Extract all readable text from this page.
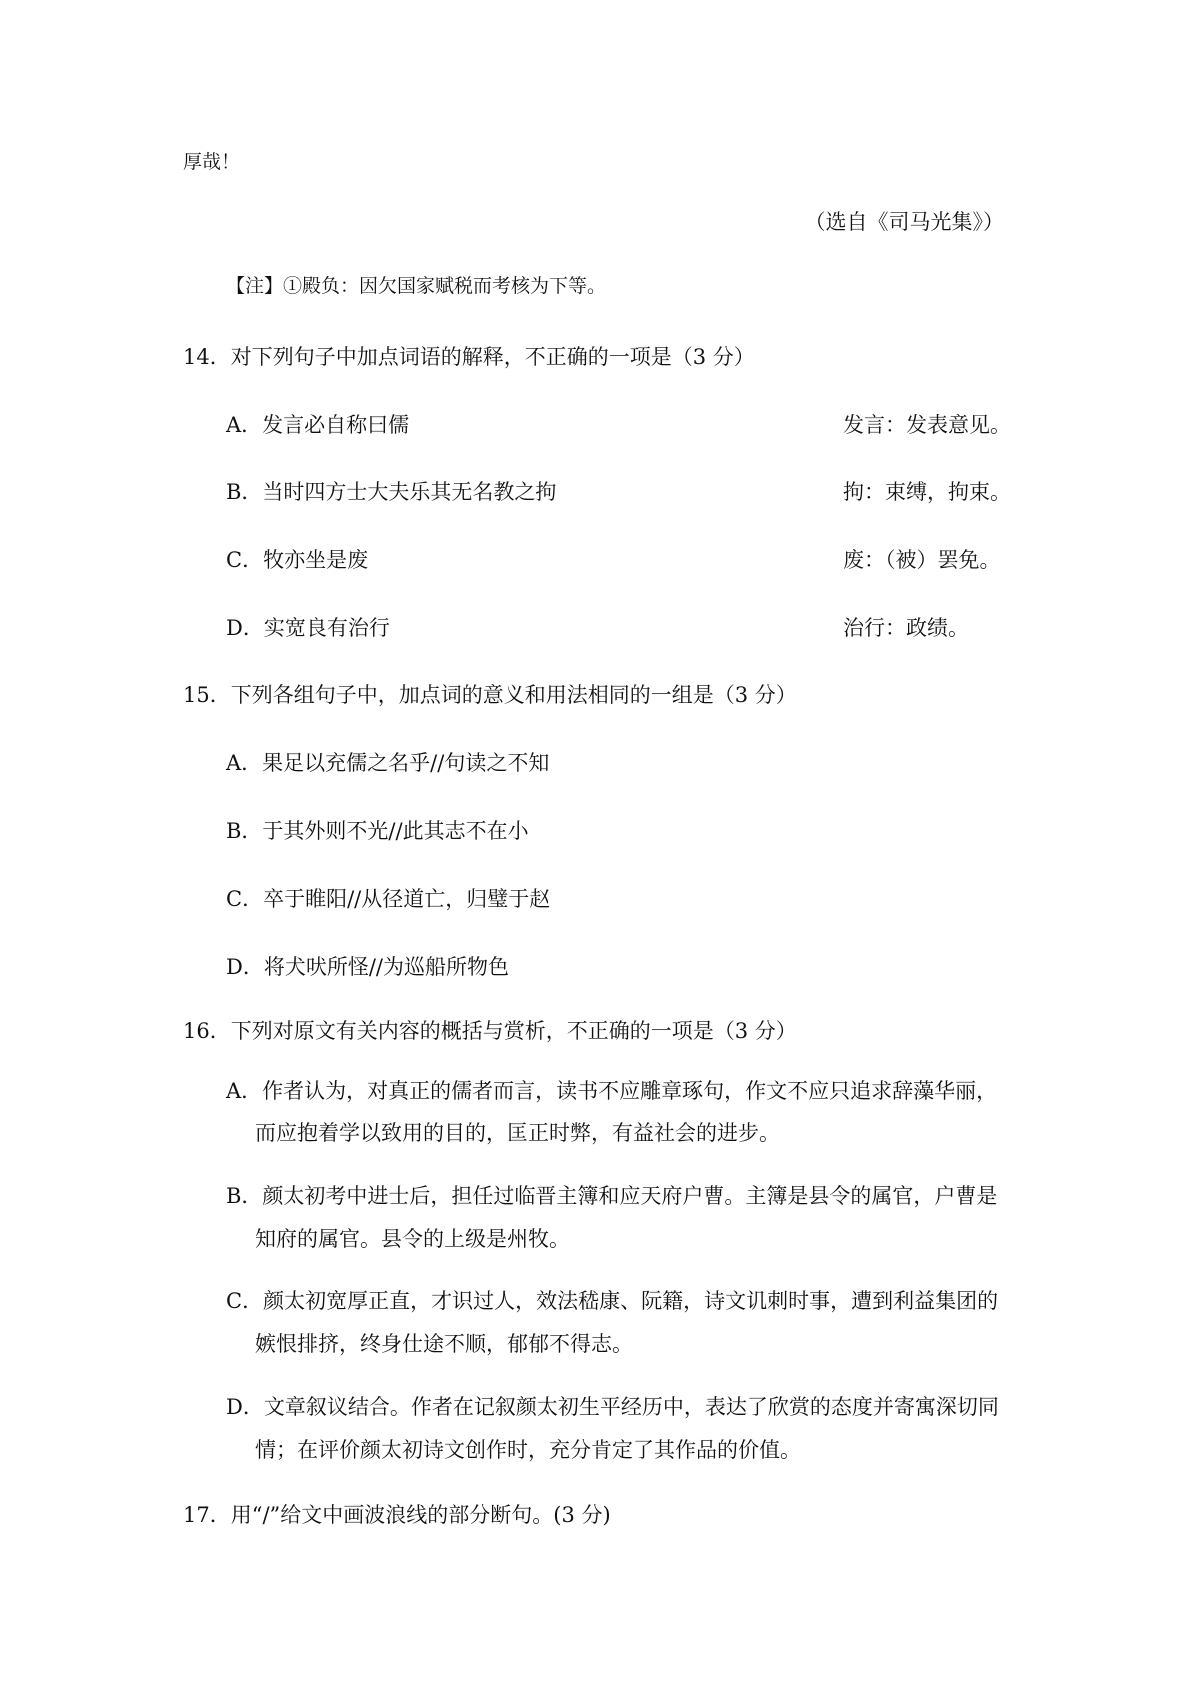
厚哉！
（选自《司马光集》）
【注】①殿负：因欠国家赋税而考核为下等。
14．对下列句子中加点词语的解释，不正确的一项是（3 分）
A．发言必自称曰儒	发言：发表意见。
B．当时四方士大夫乐其无名教之拘	拘：束缚，拘束。
C．牧亦坐是废	废：（被）罢免。
D．实宽良有治行	治行：政绩。
15．下列各组句子中，加点词的意义和用法相同的一组是（3 分）
A．果足以充儒之名乎//句读之不知
B．于其外则不光//此其志不在小
C．卒于睢阳//从径道亡，归璧于赵
D．将犬吠所怪//为巡船所物色
16．下列对原文有关内容的概括与赏析，不正确的一项是（3 分）
A．作者认为，对真正的儒者而言，读书不应雕章琢句，作文不应只追求辞藻华丽，
而应抱着学以致用的目的，匡正时弊，有益社会的进步。
B．颜太初考中进士后，担任过临晋主簿和应天府户曹。主簿是县令的属官，户曹是
知府的属官。县令的上级是州牧。
C．颜太初宽厚正直，才识过人，效法嵇康、阮籍，诗文讥刺时事，遭到利益集团的
嫉恨排挤，终身仕途不顺，郁郁不得志。
D．文章叙议结合。作者在记叙颜太初生平经历中，表达了欣赏的态度并寄寓深切同
情；在评价颜太初诗文创作时，充分肯定了其作品的价值。
17．用“/”给文中画波浪线的部分断句。(3 分)
